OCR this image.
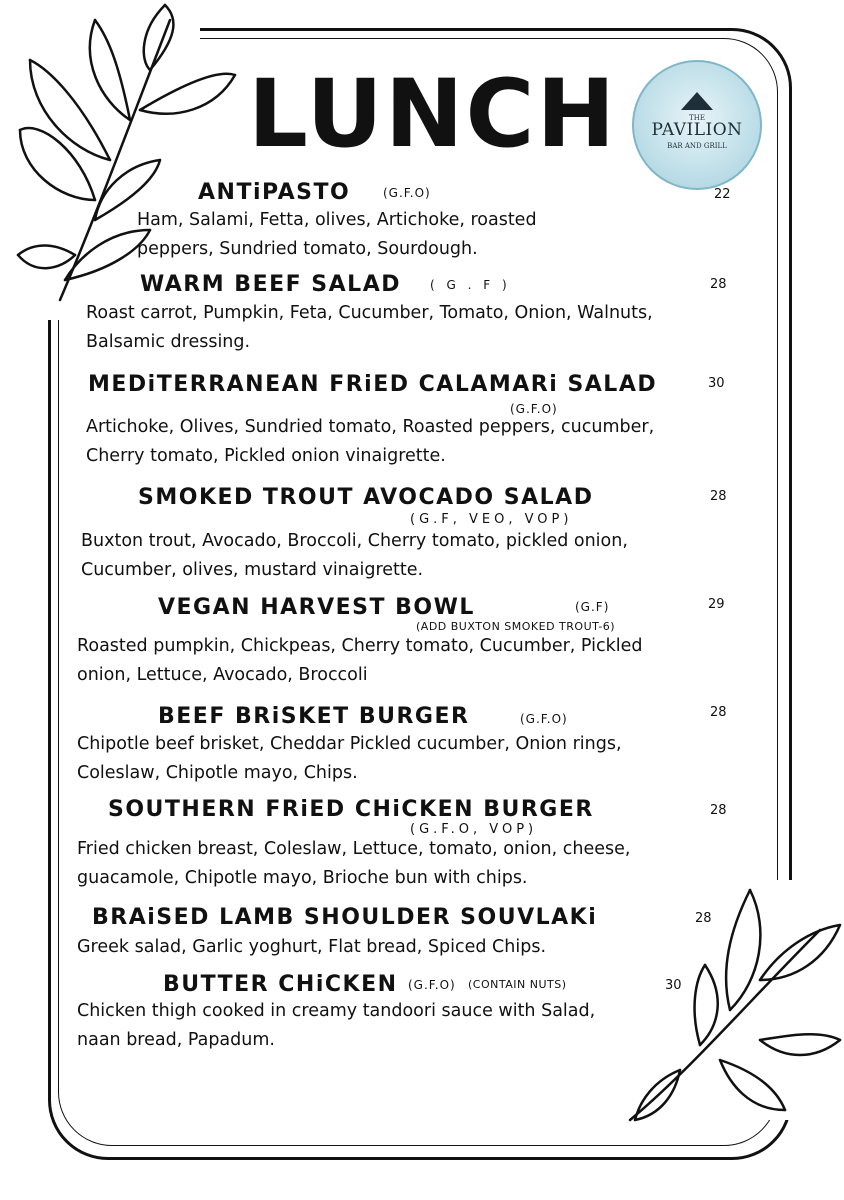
LUNCH	THE
PAVILION
BAR AND GRILL
ANTiPASTO	(G.F.O)	22
Ham, Salami, Fetta, olives, Artichoke, roasted
peppers, Sundried tomato, Sourdough.
WARM BEEF SALAD ( G . F )	28
Roast carrot, Pumpkin, Feta, Cucumber, Tomato, Onion, Walnuts,
Balsamic dressing.
MEDiTERRANEAN FRiED CALAMARi SALAD
(G.F.O)
30
Artichoke, Olives, Sundried tomato, Roasted peppers, cucumber,
Cherry tomato, Pickled onion vinaigrette.
SMOKED TROUT AVOCADO SALAD
(G.F, VEO, VOP)
28
Buxton trout, Avocado, Broccoli, Cherry tomato, pickled onion,
Cucumber, olives, mustard vinaigrette.
VEGAN HARVEST BOWL	(G.F)
(ADD BUXTON SMOKED TROUT-6)
29
Roasted pumpkin, Chickpeas, Cherry tomato, Cucumber, Pickled
onion, Lettuce, Avocado, Broccoli
BEEF BRiSKET BURGER	(G.F.O)	28
Chipotle beef brisket, Cheddar Pickled cucumber, Onion rings,
Coleslaw, Chipotle mayo, Chips.
SOUTHERN FRiED CHiCKEN BURGER
(G.F.O, VOP)
28
Fried chicken breast, Coleslaw, Lettuce, tomato, onion, cheese,
guacamole, Chipotle mayo, Brioche bun with chips.
BRAiSED LAMB SHOULDER SOUVLAKi	28
Greek salad, Garlic yoghurt, Flat bread, Spiced Chips.
BUTTER CHiCKEN (G.F.O) (CONTAIN NUTS)	30
Chicken thigh cooked in creamy tandoori sauce with Salad,
naan bread, Papadum.
